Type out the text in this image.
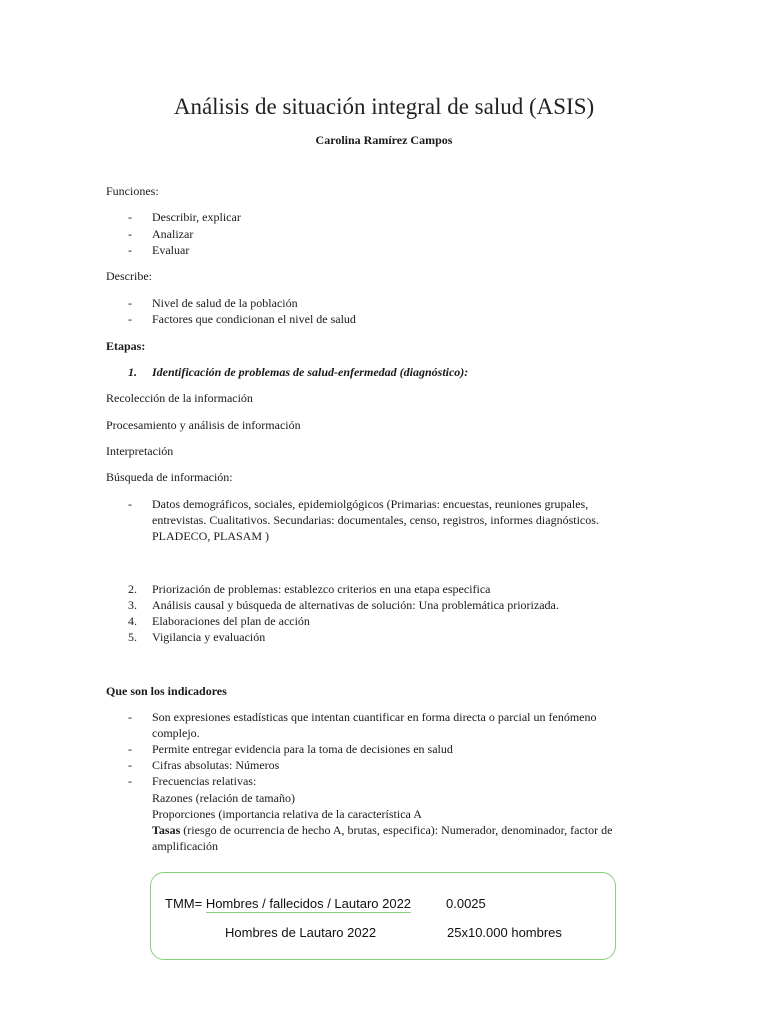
Análisis de situación integral de salud (ASIS)
Carolina Ramírez Campos
Funciones:
- Describir, explicar
- Analizar
- Evaluar
Describe:
- Nivel de salud de la población
- Factores que condicionan el nivel de salud
Etapas:
1. Identificación de problemas de salud-enfermedad (diagnóstico):
Recolección de la información
Procesamiento y análisis de información
Interpretación
Búsqueda de información:
- Datos demográficos, sociales, epidemiolgógicos (Primarias: encuestas, reuniones grupales,
entrevistas. Cualitativos. Secundarias: documentales, censo, registros, informes diagnósticos.
PLADECO, PLASAM )
2. Priorización de problemas: establezco criterios en una etapa especifica
3. Análisis causal y búsqueda de alternativas de solución: Una problemática priorizada.
4. Elaboraciones del plan de acción
5. Vigilancia y evaluación
Que son los indicadores
- Son expresiones estadísticas que intentan cuantificar en forma directa o parcial un fenómeno
complejo.
- Permite entregar evidencia para la toma de decisiones en salud
- Cifras absolutas: Números
- Frecuencias relativas:
Razones (relación de tamaño)
Proporciones (importancia relativa de la característica A
Tasas (riesgo de ocurrencia de hecho A, brutas, especifica): Numerador, denominador, factor de
amplificación
TMM= Hombres / fallecidos / Lautaro 2022	0.0025
Hombres de Lautaro 2022	25x10.000 hombres
